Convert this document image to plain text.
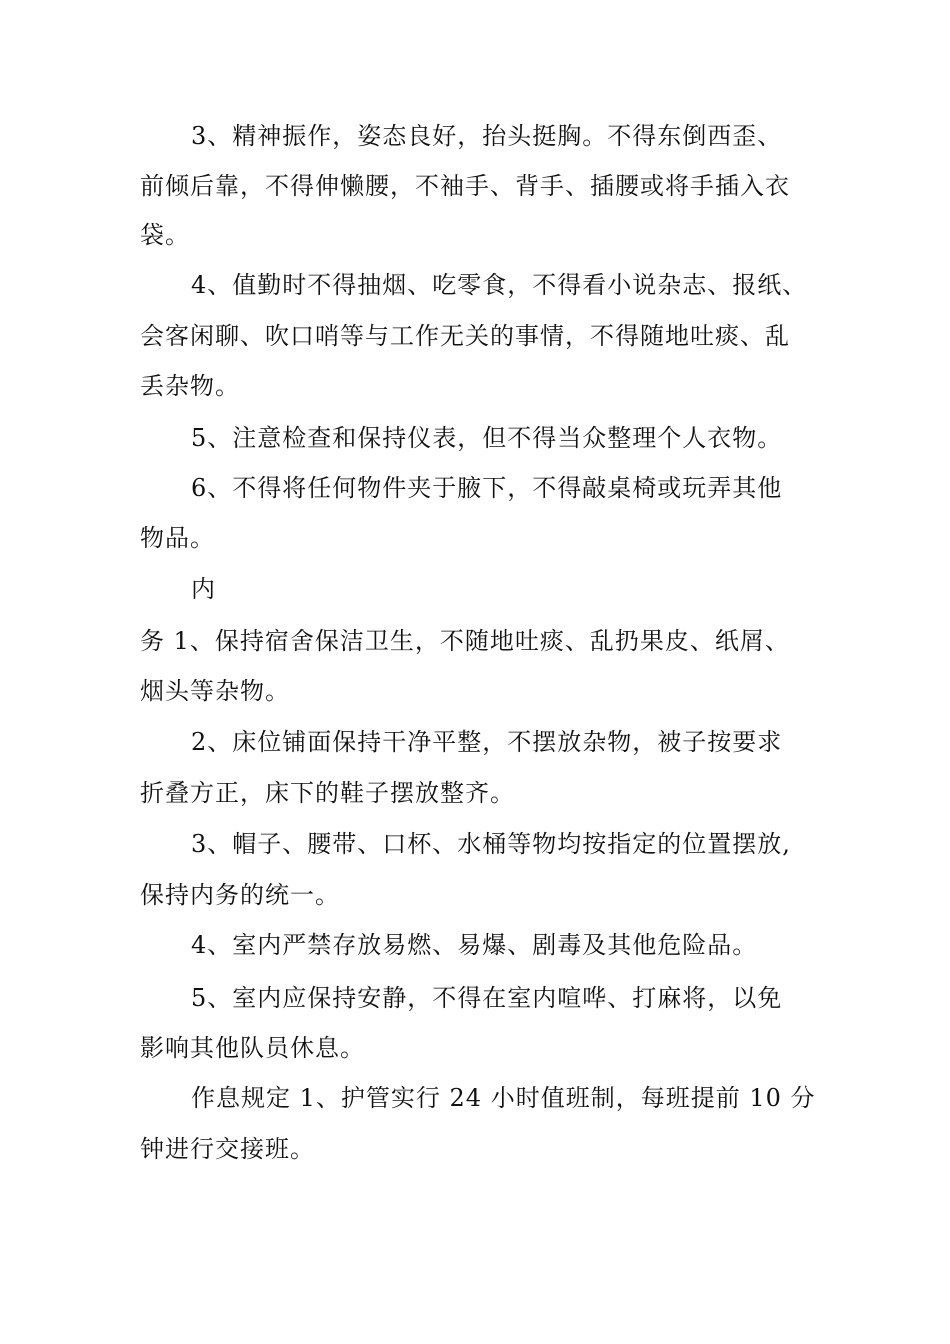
3、精神振作，姿态良好，抬头挺胸。不得东倒西歪、
前倾后靠，不得伸懒腰，不袖手、背手、插腰或将手插入衣
袋。
4、值勤时不得抽烟、吃零食，不得看小说杂志、报纸、
会客闲聊、吹口哨等与工作无关的事情，不得随地吐痰、乱
丢杂物。
5、注意检查和保持仪表，但不得当众整理个人衣物。
6、不得将任何物件夹于腋下，不得敲桌椅或玩弄其他
物品。
内
务 1、保持宿舍保洁卫生，不随地吐痰、乱扔果皮、纸屑、
烟头等杂物。
2、床位铺面保持干净平整，不摆放杂物，被子按要求
折叠方正，床下的鞋子摆放整齐。
3、帽子、腰带、口杯、水桶等物均按指定的位置摆放,
保持内务的统一。
4、室内严禁存放易燃、易爆、剧毒及其他危险品。
5、室内应保持安静，不得在室内喧哗、打麻将，以免
影响其他队员休息。
作息规定 1、护管实行 24 小时值班制，每班提前 10 分
钟进行交接班。
